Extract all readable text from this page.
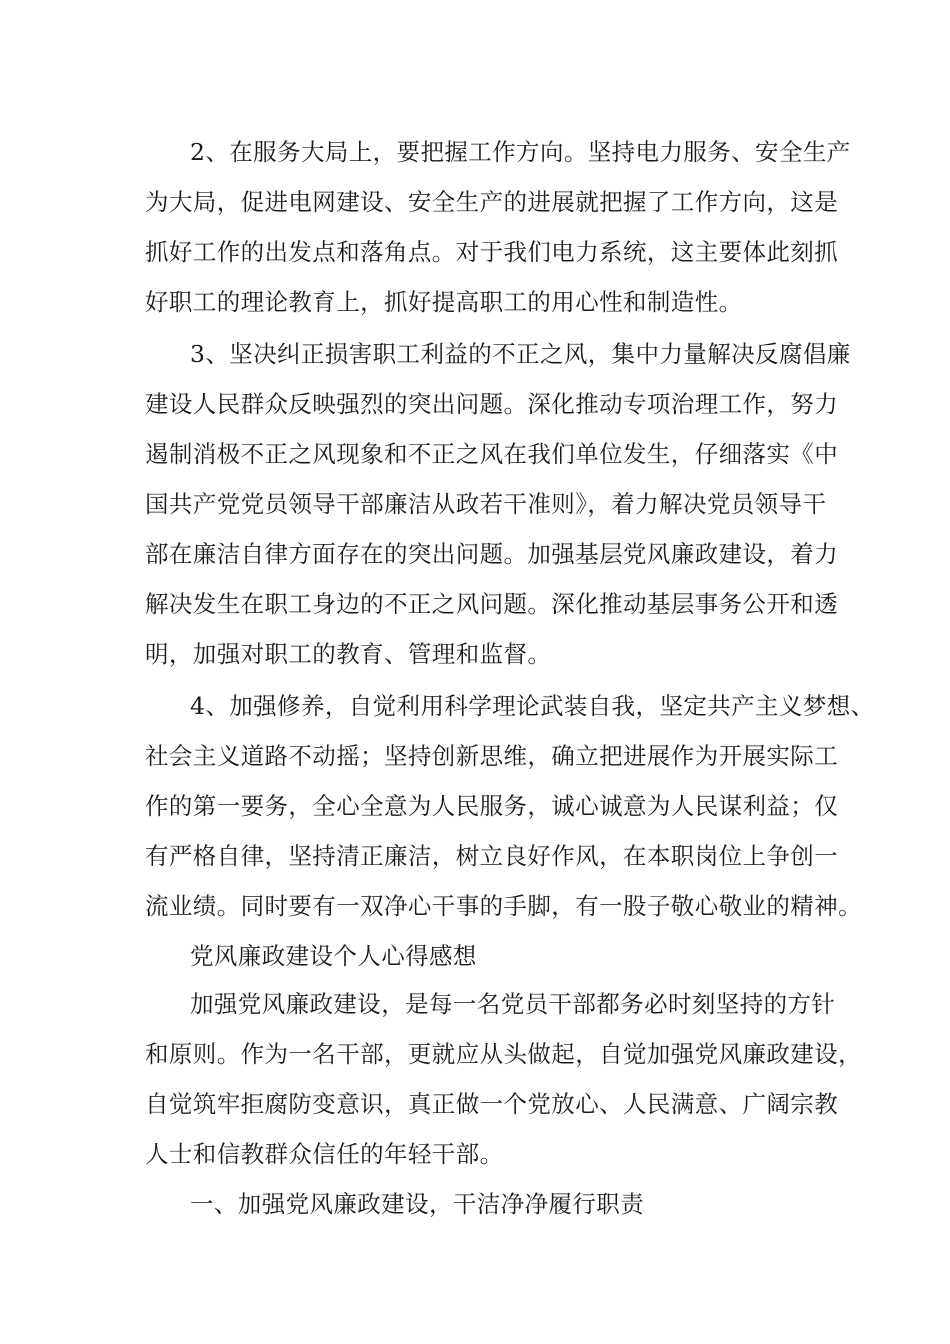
2、在服务大局上，要把握工作方向。坚持电力服务、安全生产
为大局，促进电网建设、安全生产的进展就把握了工作方向，这是
抓好工作的出发点和落角点。对于我们电力系统，这主要体此刻抓
好职工的理论教育上，抓好提高职工的用心性和制造性。
3、坚决纠正损害职工利益的不正之风，集中力量解决反腐倡廉
建设人民群众反映强烈的突出问题。深化推动专项治理工作，努力
遏制消极不正之风现象和不正之风在我们单位发生，仔细落实《中
国共产党党员领导干部廉洁从政若干准则》，着力解决党员领导干
部在廉洁自律方面存在的突出问题。加强基层党风廉政建设，着力
解决发生在职工身边的不正之风问题。深化推动基层事务公开和透
明，加强对职工的教育、管理和监督。
4、加强修养，自觉利用科学理论武装自我，坚定共产主义梦想、
社会主义道路不动摇；坚持创新思维，确立把进展作为开展实际工
作的第一要务，全心全意为人民服务，诚心诚意为人民谋利益；仅
有严格自律，坚持清正廉洁，树立良好作风，在本职岗位上争创一
流业绩。同时要有一双净心干事的手脚，有一股子敬心敬业的精神。
党风廉政建设个人心得感想
加强党风廉政建设，是每一名党员干部都务必时刻坚持的方针
和原则。作为一名干部，更就应从头做起，自觉加强党风廉政建设，
自觉筑牢拒腐防变意识，真正做一个党放心、人民满意、广阔宗教
人士和信教群众信任的年轻干部。
一、加强党风廉政建设，干洁净净履行职责
